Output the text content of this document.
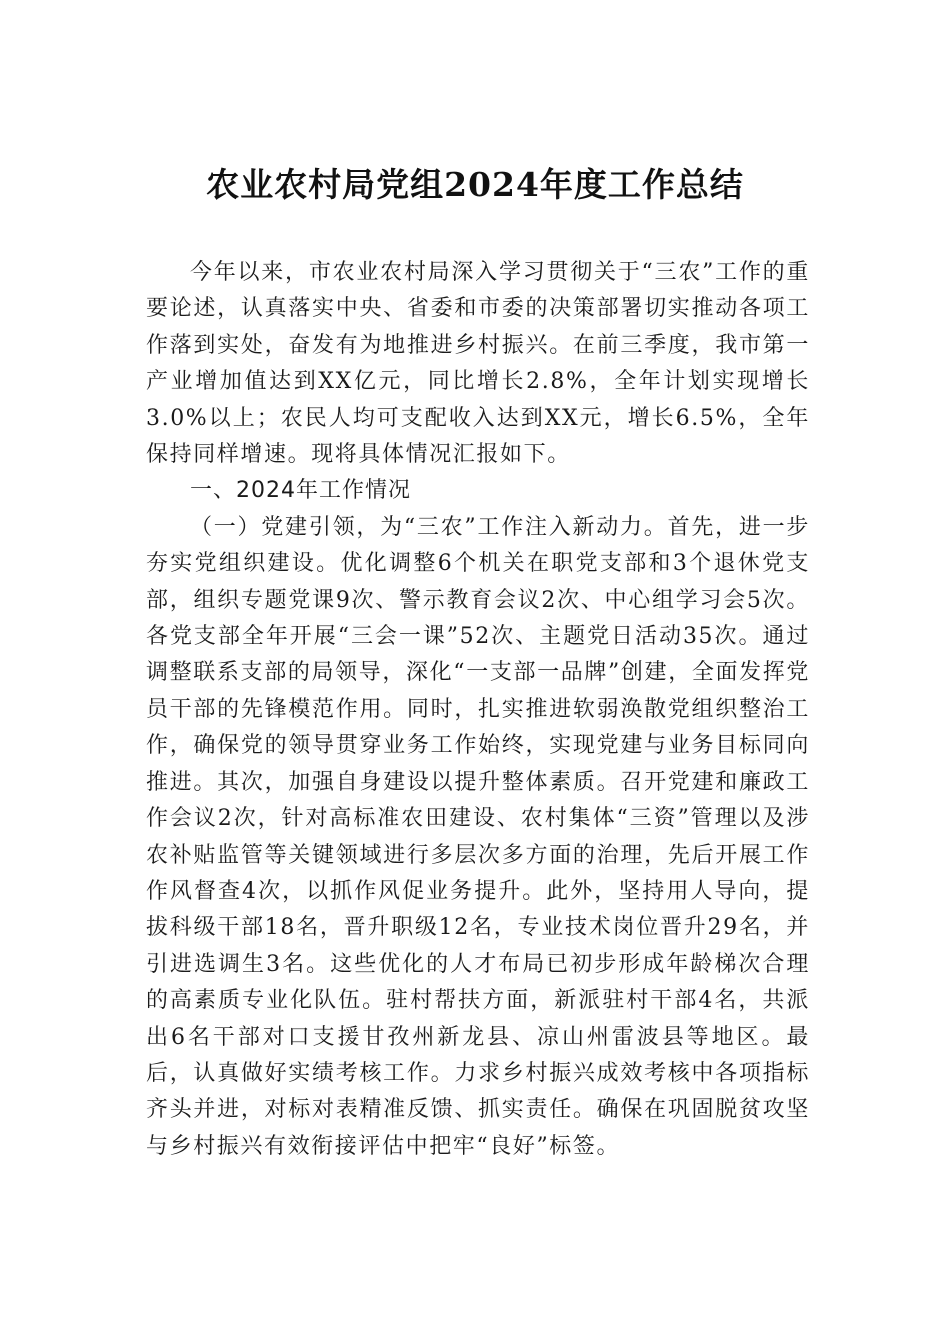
农业农村局党组2024年度工作总结

今年以来，市农业农村局深入学习贯彻关于“三农”工作的重要论述，认真落实中央、省委和市委的决策部署切实推动各项工作落到实处，奋发有为地推进乡村振兴。在前三季度，我市第一产业增加值达到XX亿元，同比增长2.8%，全年计划实现增长3.0%以上；农民人均可支配收入达到XX元，增长6.5%，全年保持同样增速。现将具体情况汇报如下。

一、2024年工作情况

（一）党建引领，为“三农”工作注入新动力。首先，进一步夯实党组织建设。优化调整6个机关在职党支部和3个退休党支部，组织专题党课9次、警示教育会议2次、中心组学习会5次。各党支部全年开展“三会一课”52次、主题党日活动35次。通过调整联系支部的局领导，深化“一支部一品牌”创建，全面发挥党员干部的先锋模范作用。同时，扎实推进软弱涣散党组织整治工作，确保党的领导贯穿业务工作始终，实现党建与业务目标同向推进。其次，加强自身建设以提升整体素质。召开党建和廉政工作会议2次，针对高标准农田建设、农村集体“三资”管理以及涉农补贴监管等关键领域进行多层次多方面的治理，先后开展工作作风督查4次，以抓作风促业务提升。此外，坚持用人导向，提拔科级干部18名，晋升职级12名，专业技术岗位晋升29名，并引进选调生3名。这些优化的人才布局已初步形成年龄梯次合理的高素质专业化队伍。驻村帮扶方面，新派驻村干部4名，共派出6名干部对口支援甘孜州新龙县、凉山州雷波县等地区。最后，认真做好实绩考核工作。力求乡村振兴成效考核中各项指标齐头并进，对标对表精准反馈、抓实责任。确保在巩固脱贫攻坚与乡村振兴有效衔接评估中把牢“良好”标签。
